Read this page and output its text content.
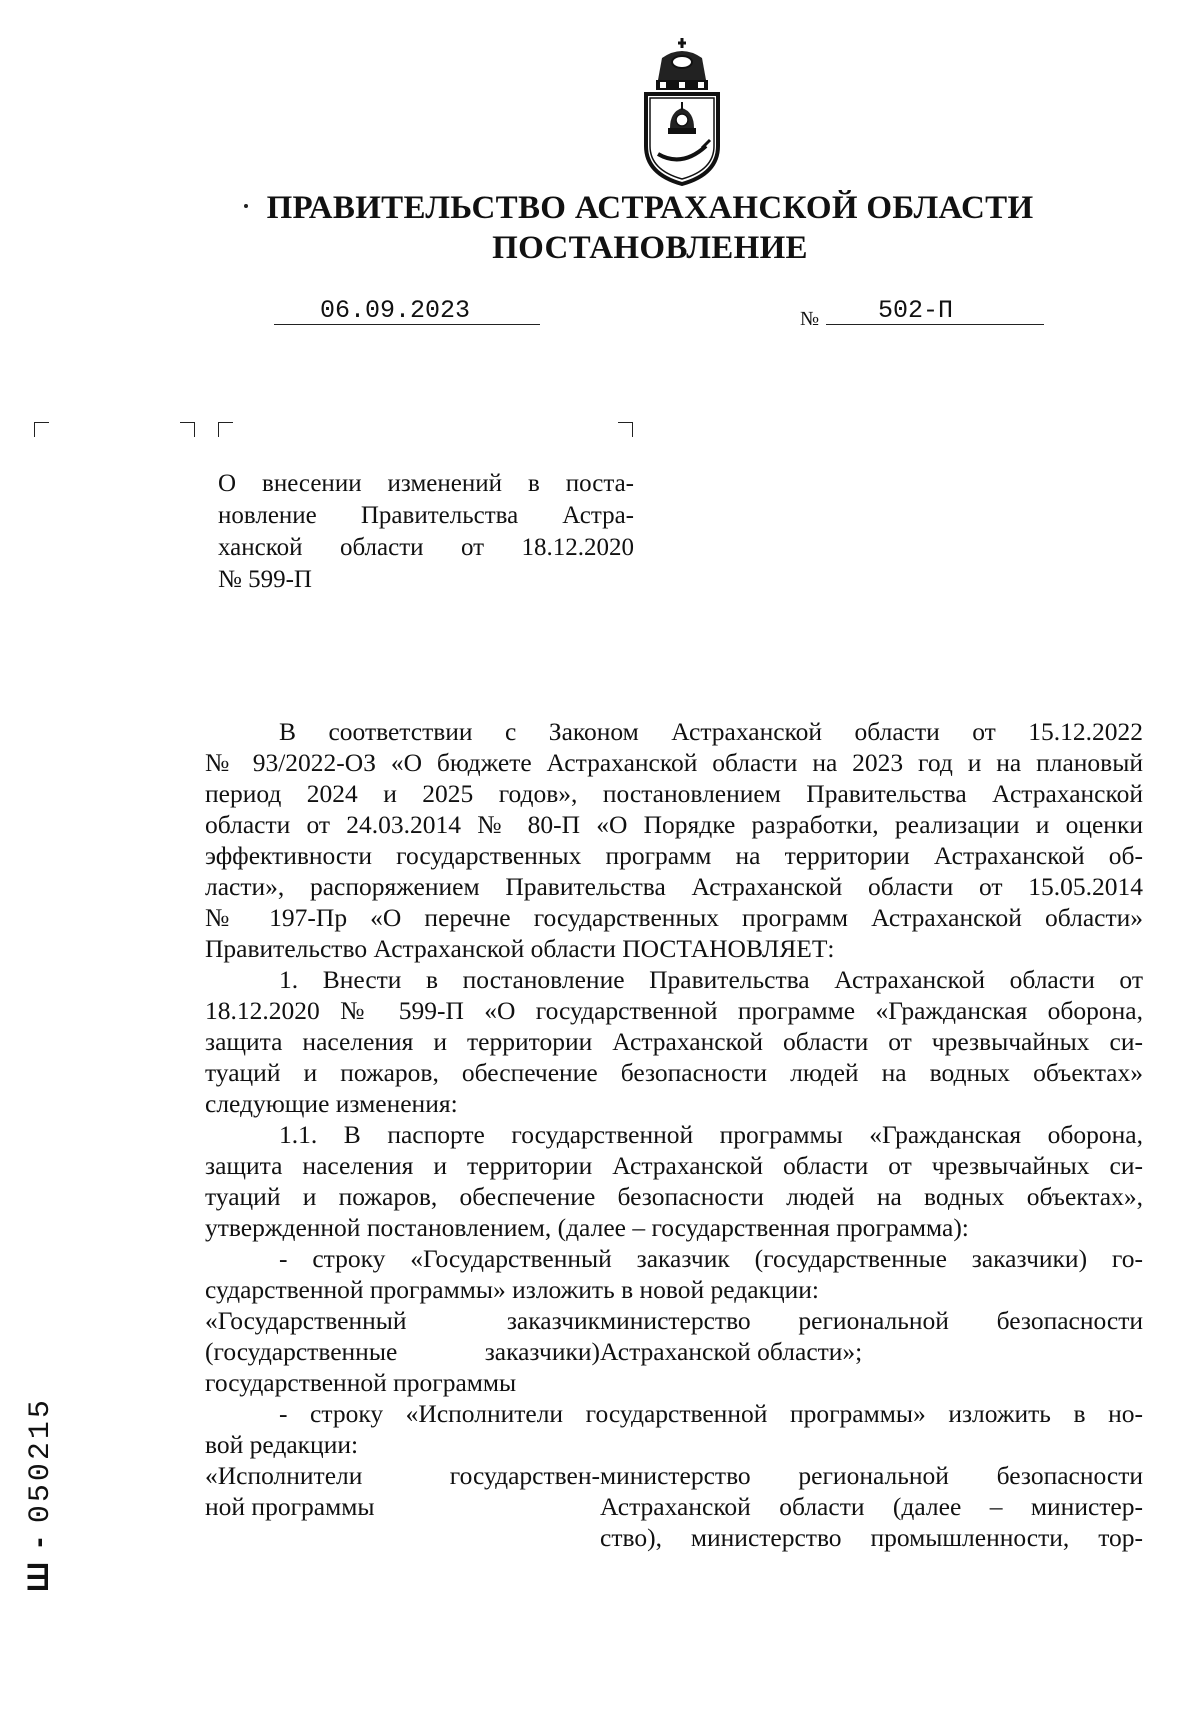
ПРАВИТЕЛЬСТВО АСТРАХАНСКОЙ ОБЛАСТИ
ПОСТАНОВЛЕНИЕ
06.09.2023	№ 502-П
О внесении изменений в поста-
новление Правительства Астра-
ханской области от 18.12.2020
№ 599-П
В соответствии с Законом Астраханской области от 15.12.2022
№ 93/2022-ОЗ «О бюджете Астраханской области на 2023 год и на плановый
период 2024 и 2025 годов», постановлением Правительства Астраханской
области от 24.03.2014 № 80-П «О Порядке разработки, реализации и оценки
эффективности государственных программ на территории Астраханской об-
ласти», распоряжением Правительства Астраханской области от 15.05.2014
№ 197-Пр «О перечне государственных программ Астраханской области»
Правительство Астраханской области ПОСТАНОВЛЯЕТ:
1. Внести в постановление Правительства Астраханской области от
18.12.2020 № 599-П «О государственной программе «Гражданская оборона,
защита населения и территории Астраханской области от чрезвычайных си-
туаций и пожаров, обеспечение безопасности людей на водных объектах»
следующие изменения:
1.1. В паспорте государственной программы «Гражданская оборона,
защита населения и территории Астраханской области от чрезвычайных си-
туаций и пожаров, обеспечение безопасности людей на водных объектах»,
утвержденной постановлением, (далее – государственная программа):
- строку «Государственный заказчик (государственные заказчики) го-
сударственной программы» изложить в новой редакции:
«Государственный заказчик
(государственные заказчики)
министерство региональной безопасности
Астраханской области»;
государственной программы
- строку «Исполнители государственной программы» изложить в но-
вой редакции:
«Исполнители государствен-
ной программы
министерство региональной безопасности
Астраханской области (далее – министер-
ство), министерство промышленности, тор-
Ш - 050215
